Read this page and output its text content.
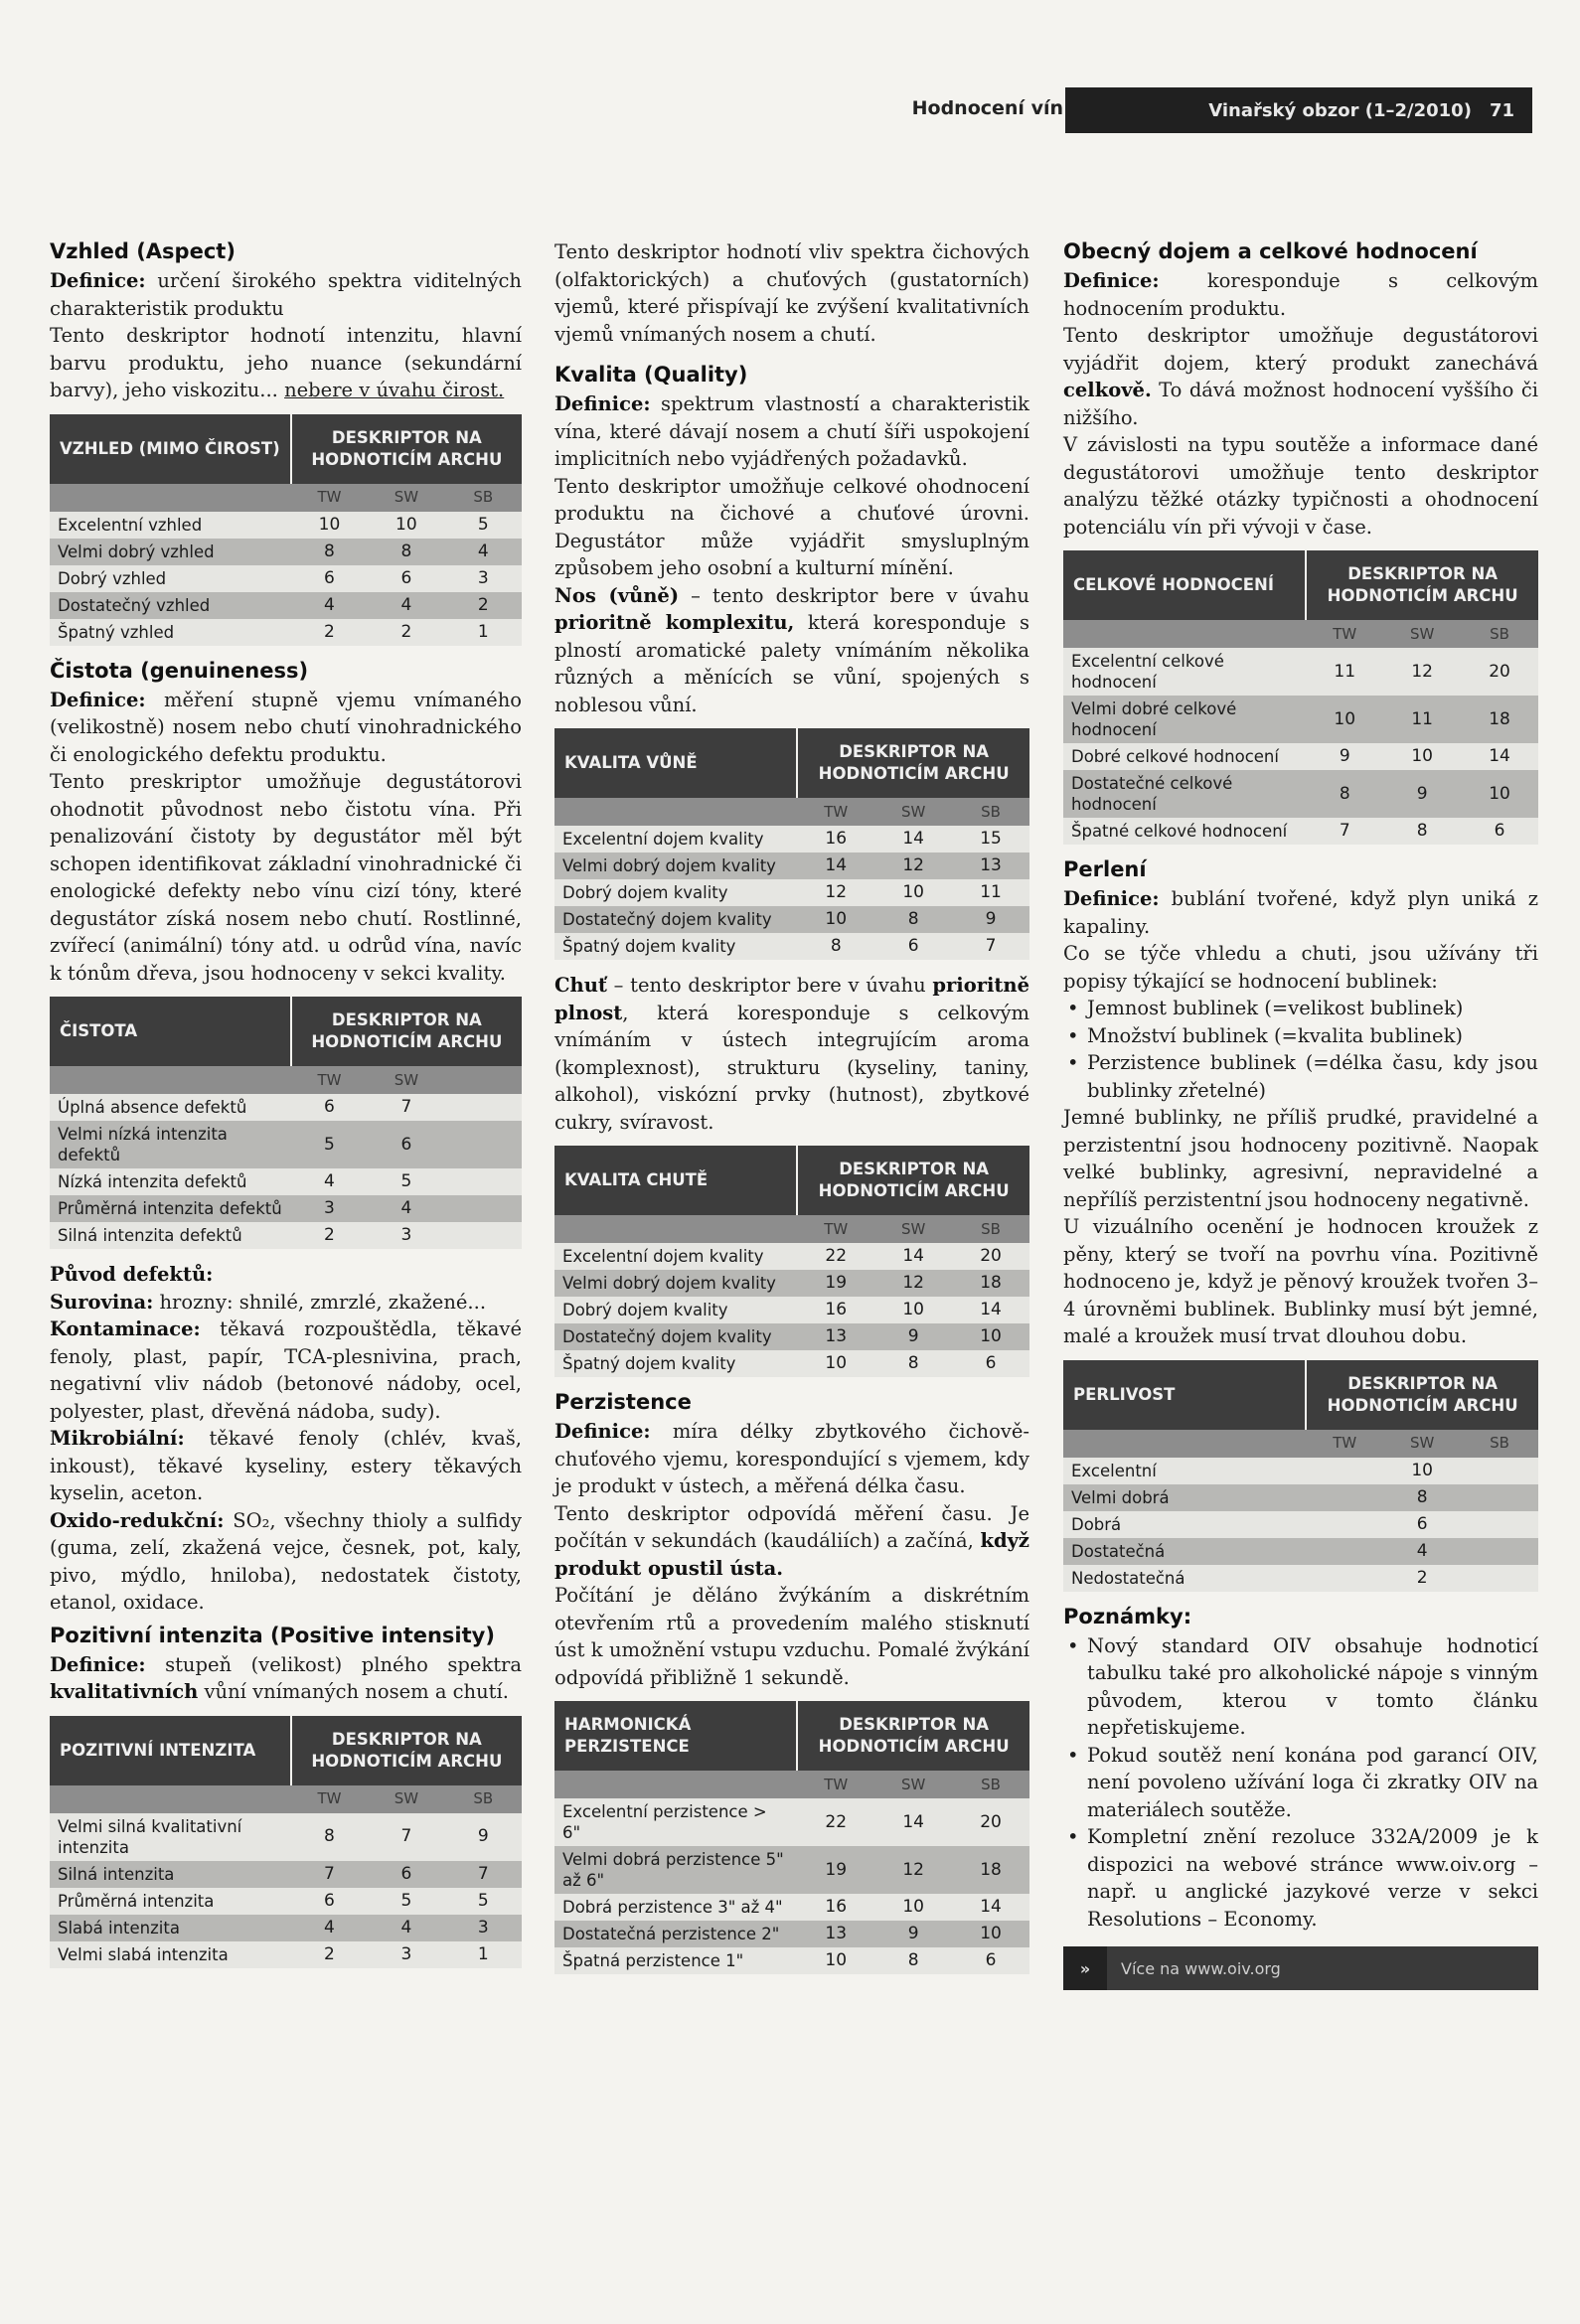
Hodnocení vín	Vinařský obzor (1–2/2010) 71
Vzhled (Aspect)

Definice: určení širokého spektra viditelných charakteristik produktu

Tento deskriptor hodnotí intenzitu, hlavní barvu produktu, jeho nuance (sekundární barvy), jeho viskozitu... nebere v úvahu čirost.

VZHLED (MIMO ČIROST)	DESKRIPTOR NA HODNOTICÍM ARCHU		
	TW	SW	SB
Excelentní vzhled	10	10	5
Velmi dobrý vzhled	8	8	4
Dobrý vzhled	6	6	3
Dostatečný vzhled	4	4	2
Špatný vzhled	2	2	1
Čistota (genuineness)

Definice: měření stupně vjemu vnímaného (velikostně) nosem nebo chutí vinohradnického či enologického defektu produktu.

Tento preskriptor umožňuje degustátorovi ohodnotit původnost nebo čistotu vína. Při penalizování čistoty by degustátor měl být schopen identifikovat základní vinohradnické či enologické defekty nebo vínu cizí tóny, které degustátor získá nosem nebo chutí. Rostlinné, zvířecí (animální) tóny atd. u odrůd vína, navíc k tónům dřeva, jsou hodnoceny v sekci kvality.

ČISTOTA	DESKRIPTOR NA HODNOTICÍM ARCHU		
	TW	SW	
Úplná absence defektů	6	7	
Velmi nízká intenzita defektů	5	6	
Nízká intenzita defektů	4	5	
Průměrná intenzita defektů	3	4	
Silná intenzita defektů	2	3	

Původ defektů:

Surovina: hrozny: shnilé, zmrzlé, zkažené...

Kontaminace: těkavá rozpouštědla, těkavé fenoly, plast, papír, TCA-plesnivina, prach, negativní vliv nádob (betonové nádoby, ocel, polyester, plast, dřevěná nádoba, sudy).

Mikrobiální: těkavé fenoly (chlév, kvaš, inkoust), těkavé kyseliny, estery těkavých kyselin, aceton.

Oxido-redukční: SO₂, všechny thioly a sulfidy (guma, zelí, zkažená vejce, česnek, pot, kaly, pivo, mýdlo, hniloba), nedostatek čistoty, etanol, oxidace.

Pozitivní intenzita (Positive intensity)

Definice: stupeň (velikost) plného spektra kvalitativních vůní vnímaných nosem a chutí.

POZITIVNÍ INTENZITA	DESKRIPTOR NA HODNOTICÍM ARCHU		
	TW	SW	SB
Velmi silná kvalitativní intenzita	8	7	9
Silná intenzita	7	6	7
Průměrná intenzita	6	5	5
Slabá intenzita	4	4	3
Velmi slabá intenzita	2	3	1

Tento deskriptor hodnotí vliv spektra čichových (olfaktorických) a chuťových (gustatorních) vjemů, které přispívají ke zvýšení kvalitativních vjemů vnímaných nosem a chutí.

Kvalita (Quality)

Definice: spektrum vlastností a charakteristik vína, které dávají nosem a chutí šíři uspokojení implicitních nebo vyjádřených požadavků.

Tento deskriptor umožňuje celkové ohodnocení produktu na čichové a chuťové úrovni. Degustátor může vyjádřit smysluplným způsobem jeho osobní a kulturní mínění.

Nos (vůně) – tento deskriptor bere v úvahu prioritně komplexitu, která koresponduje s plností aromatické palety vnímáním několika různých a měnících se vůní, spojených s noblesou vůní.

KVALITA VŮNĚ	DESKRIPTOR NA HODNOTICÍM ARCHU		
	TW	SW	SB
Excelentní dojem kvality	16	14	15
Velmi dobrý dojem kvality	14	12	13
Dobrý dojem kvality	12	10	11
Dostatečný dojem kvality	10	8	9
Špatný dojem kvality	8	6	7

Chuť – tento deskriptor bere v úvahu prioritně plnost, která koresponduje s celkovým vnímáním v ústech integrujícím aroma (komplexnost), strukturu (kyseliny, taniny, alkohol), viskózní prvky (hutnost), zbytkové cukry, svíravost.

KVALITA CHUTĚ	DESKRIPTOR NA HODNOTICÍM ARCHU		
	TW	SW	SB
Excelentní dojem kvality	22	14	20
Velmi dobrý dojem kvality	19	12	18
Dobrý dojem kvality	16	10	14
Dostatečný dojem kvality	13	9	10
Špatný dojem kvality	10	8	6
Perzistence

Definice: míra délky zbytkového čichově-chuťového vjemu, korespondující s vjemem, kdy je produkt v ústech, a měřená délka času.

Tento deskriptor odpovídá měření času. Je počítán v sekundách (kaudáliích) a začíná, když produkt opustil ústa.

Počítání je děláno žvýkáním a diskrétním otevřením rtů a provedením malého stisknutí úst k umožnění vstupu vzduchu. Pomalé žvýkání odpovídá přibližně 1 sekundě.

HARMONICKÁ PERZISTENCE	DESKRIPTOR NA HODNOTICÍM ARCHU		
	TW	SW	SB
Excelentní perzistence > 6"	22	14	20
Velmi dobrá perzistence 5" až 6"	19	12	18
Dobrá perzistence 3" až 4"	16	10	14
Dostatečná perzistence 2"	13	9	10
Špatná perzistence 1"	10	8	6
Obecný dojem a celkové hodnocení

Definice: koresponduje s celkovým hodnocením produktu.

Tento deskriptor umožňuje degustátorovi vyjádřit dojem, který produkt zanechává celkově. To dává možnost hodnocení vyššího či nižšího.

V závislosti na typu soutěže a informace dané degustátorovi umožňuje tento deskriptor analýzu těžké otázky typičnosti a ohodnocení potenciálu vín při vývoji v čase.

CELKOVÉ HODNOCENÍ	DESKRIPTOR NA HODNOTICÍM ARCHU		
	TW	SW	SB
Excelentní celkové hodnocení	11	12	20
Velmi dobré celkové hodnocení	10	11	18
Dobré celkové hodnocení	9	10	14
Dostatečné celkové hodnocení	8	9	10
Špatné celkové hodnocení	7	8	6
Perlení

Definice: bublání tvořené, když plyn uniká z kapaliny.

Co se týče vhledu a chuti, jsou užívány tři popisy týkající se hodnocení bublinek:

• Jemnost bublinek (=velikost bublinek)
• Množství bublinek (=kvalita bublinek)
• Perzistence bublinek (=délka času, kdy jsou bublinky zřetelné)

Jemné bublinky, ne příliš prudké, pravidelné a perzistentní jsou hodnoceny pozitivně. Naopak velké bublinky, agresivní, nepravidelné a nepřílíš perzistentní jsou hodnoceny negativně.

U vizuálního ocenění je hodnocen kroužek z pěny, který se tvoří na povrhu vína. Pozitivně hodnoceno je, když je pěnový kroužek tvořen 3–4 úrovněmi bublinek. Bublinky musí být jemné, malé a kroužek musí trvat dlouhou dobu.

PERLIVOST	DESKRIPTOR NA HODNOTICÍM ARCHU		
	TW	SW	SB
Excelentní		10	
Velmi dobrá		8	
Dobrá		6	
Dostatečná		4	
Nedostatečná		2	
Poznámky:
• Nový standard OIV obsahuje hodnoticí tabulku také pro alkoholické nápoje s vinným původem, kterou v tomto článku nepřetiskujeme.
• Pokud soutěž není konána pod garancí OIV, není povoleno užívání loga či zkratky OIV na materiálech soutěže.
• Kompletní znění rezoluce 332A/2009 je k dispozici na webové stránce www.oiv.org – např. u anglické jazykové verze v sekci Resolutions – Economy.
»	Více na www.oiv.org
